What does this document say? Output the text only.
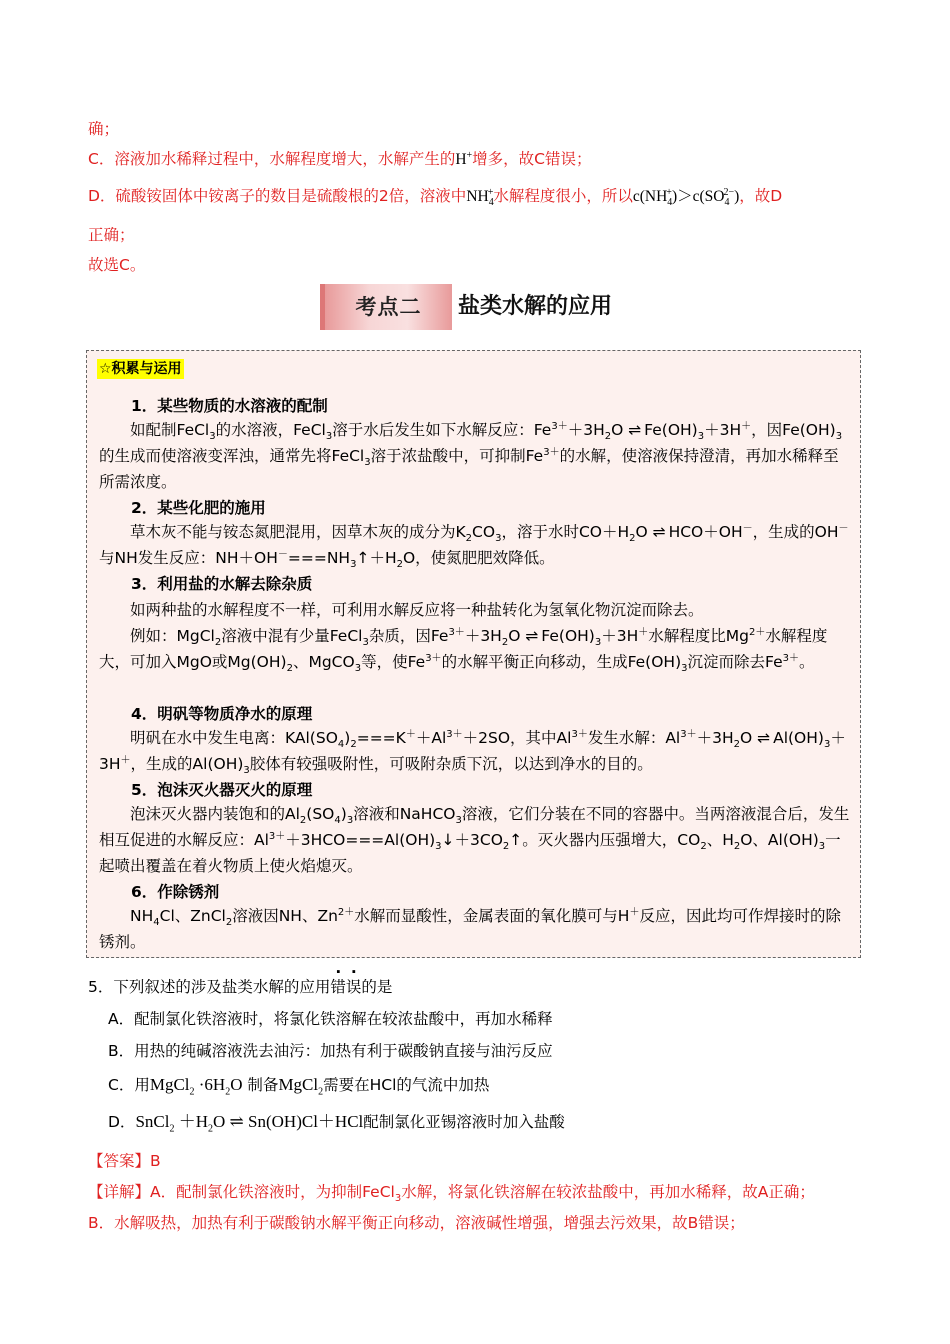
确；
C．溶液加水稀释过程中，水解程度增大，水解产生的H+增多，故C错误；
D．硫酸铵固体中铵离子的数目是硫酸根的2倍，溶液中$NH_4^+$水解程度很小，所以$c(NH_4^+)>c(SO_4^{2-})$，故D
正确；
故选C。
考点二	盐类水解的应用
☆积累与运用
1．某些物质的水溶液的配制
如配制FeCl$_3$的水溶液，FeCl$_3$溶于水后发生如下水解反应：$Fe^{3+}+3H_2O$ ⇌ $Fe(OH)_3+3H^+$，因$Fe(OH)_3$的生成而使溶液变浑浊，通常先将FeCl$_3$溶于浓盐酸中，可抑制$Fe^{3+}$的水解，使溶液保持澄清，再加水稀释至所需浓度。
2．某些化肥的施用
草木灰不能与铵态氮肥混用，因草木灰的成分为$K_2CO_3$，溶于水时$CO+H_2O$ ⇌ HCO＋OH－，生成的OH－与NH发生反应：$NH+OH^-===NH_3↑+H_2O$，使氮肥肥效降低。
3．利用盐的水解去除杂质
如两种盐的水解程度不一样，可利用水解反应将一种盐转化为氢氧化物沉淀而除去。
例如：MgCl$_2$溶液中混有少量FeCl$_3$杂质，因$Fe^{3+}+3H_2O$ ⇌ $Fe(OH)_3+3H^+$水解程度比$Mg^{2+}$水解程度大，可加入MgO或$Mg(OH)_2$、MgCO$_3$等，使$Fe^{3+}$的水解平衡正向移动，生成$Fe(OH)_3$沉淀而除去$Fe^{3+}$。
4．明矾等物质净水的原理
明矾在水中发生电离：$KAl(SO_4)_2===K^++Al^{3+}+2SO$，其中$Al^{3+}$发生水解：$Al^{3+}+3H_2O$ ⇌ $Al(OH)_3+3H^+$，生成的$Al(OH)_3$胶体有较强吸附性，可吸附杂质下沉，以达到净水的目的。
5．泡沫灭火器灭火的原理
泡沫灭火器内装饱和的$Al_2(SO_4)_3$溶液和NaHCO$_3$溶液，它们分装在不同的容器中。当两溶液混合后，发生相互促进的水解反应：$Al^{3+}+3HCO===Al(OH)_3↓+3CO_2↑$。灭火器内压强增大，$CO_2$、$H_2O$、$Al(OH)_3$一起喷出覆盖在着火物质上使火焰熄灭。
6．作除锈剂
$NH_4Cl$、ZnCl$_2$溶液因NH、$Zn^{2+}$水解而显酸性，金属表面的氧化膜可与H＋反应，因此均可作焊接时的除锈剂。
5．下列叙述的涉及盐类水解的应用错误的是
A．配制氯化铁溶液时，将氯化铁溶解在较浓盐酸中，再加水稀释
B．用热的纯碱溶液洗去油污：加热有利于碳酸钠直接与油污反应
C．用MgCl$_2$ $\cdot 6H_2O$ 制备MgCl$_2$需要在HCl的气流中加热
D．SnCl$_2$ $+H_2O$ ⇌ Sn(OH)Cl＋HCl配制氯化亚锡溶液时加入盐酸
【答案】B
【详解】A．配制氯化铁溶液时，为抑制FeCl$_3$水解，将氯化铁溶解在较浓盐酸中，再加水稀释，故A正确；
B．水解吸热，加热有利于碳酸钠水解平衡正向移动，溶液碱性增强，增强去污效果，故B错误；
